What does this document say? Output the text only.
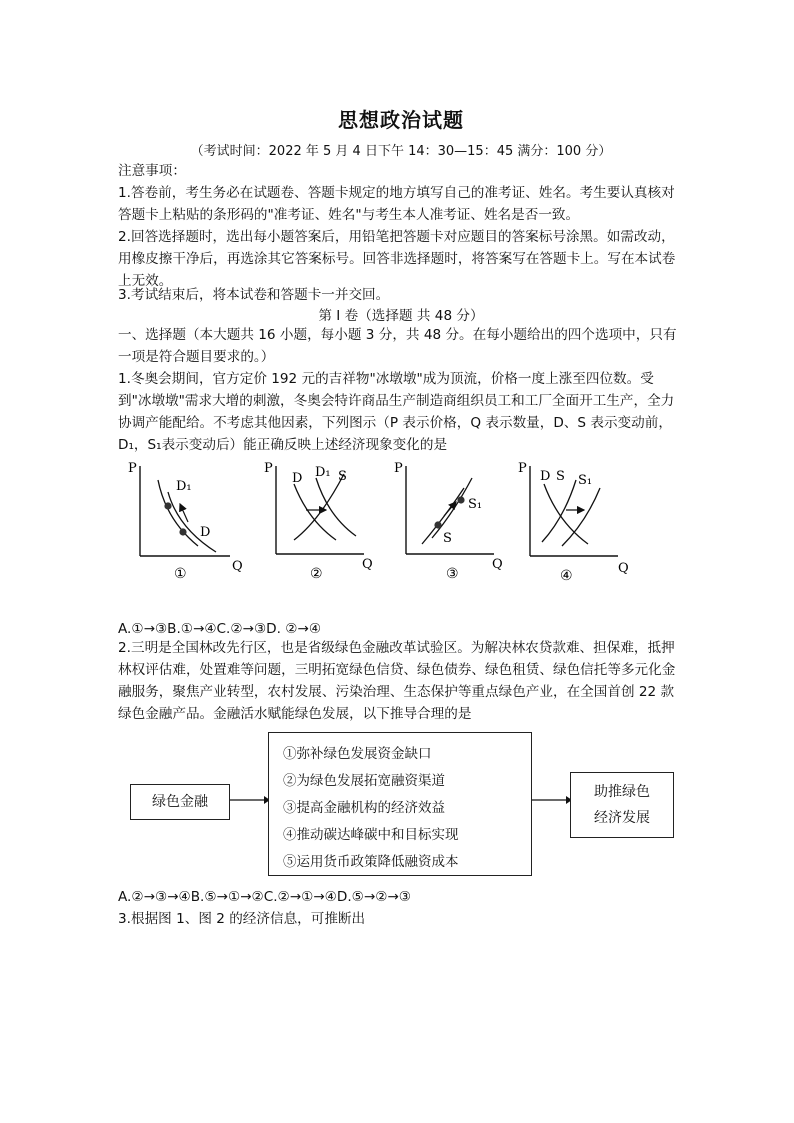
思想政治试题
（考试时间：2022 年 5 月 4 日下午 14：30—15：45 满分：100 分）
注意事项：
1.答卷前，考生务必在试题卷、答题卡规定的地方填写自己的准考证、姓名。考生要认真核对答题卡上粘贴的条形码的"准考证、姓名"与考生本人准考证、姓名是否一致。
2.回答选择题时，选出每小题答案后，用铅笔把答题卡对应题目的答案标号涂黑。如需改动，用橡皮擦干净后，再选涂其它答案标号。回答非选择题时，将答案写在答题卡上。写在本试卷上无效。
3.考试结束后，将本试卷和答题卡一并交回。
第 I 卷（选择题 共 48 分）
一、选择题（本大题共 16 小题，每小题 3 分，共 48 分。在每小题给出的四个选项中，只有一项是符合题目要求的。）
1.冬奥会期间，官方定价 192 元的吉祥物"冰墩墩"成为顶流，价格一度上涨至四位数。受到"冰墩墩"需求大增的刺激，冬奥会特许商品生产制造商组织员工和工厂全面开工生产，全力协调产能配给。不考虑其他因素，下列图示（P 表示价格，Q 表示数量，D、S 表示变动前，D₁，S₁表示变动后）能正确反映上述经济现象变化的是
P
Q
D₁
D
①
P
Q
D D₁ S
②
P
Q
S₁
S
③
P
Q
D S S₁
④
A.①→③B.①→④C.②→③D. ②→④
2.三明是全国林改先行区，也是省级绿色金融改革试验区。为解决林农贷款难、担保难，抵押林权评估难，处置难等问题，三明拓宽绿色信贷、绿色债券、绿色租赁、绿色信托等多元化金融服务，聚焦产业转型，农村发展、污染治理、生态保护等重点绿色产业，在全国首创 22 款绿色金融产品。金融活水赋能绿色发展，以下推导合理的是
绿色金融
①弥补绿色发展资金缺口
②为绿色发展拓宽融资渠道
③提高金融机构的经济效益
④推动碳达峰碳中和目标实现
⑤运用货币政策降低融资成本
助推绿色
经济发展
A.②→③→④B.⑤→①→②C.②→①→④D.⑤→②→③
3.根据图 1、图 2 的经济信息，可推断出
